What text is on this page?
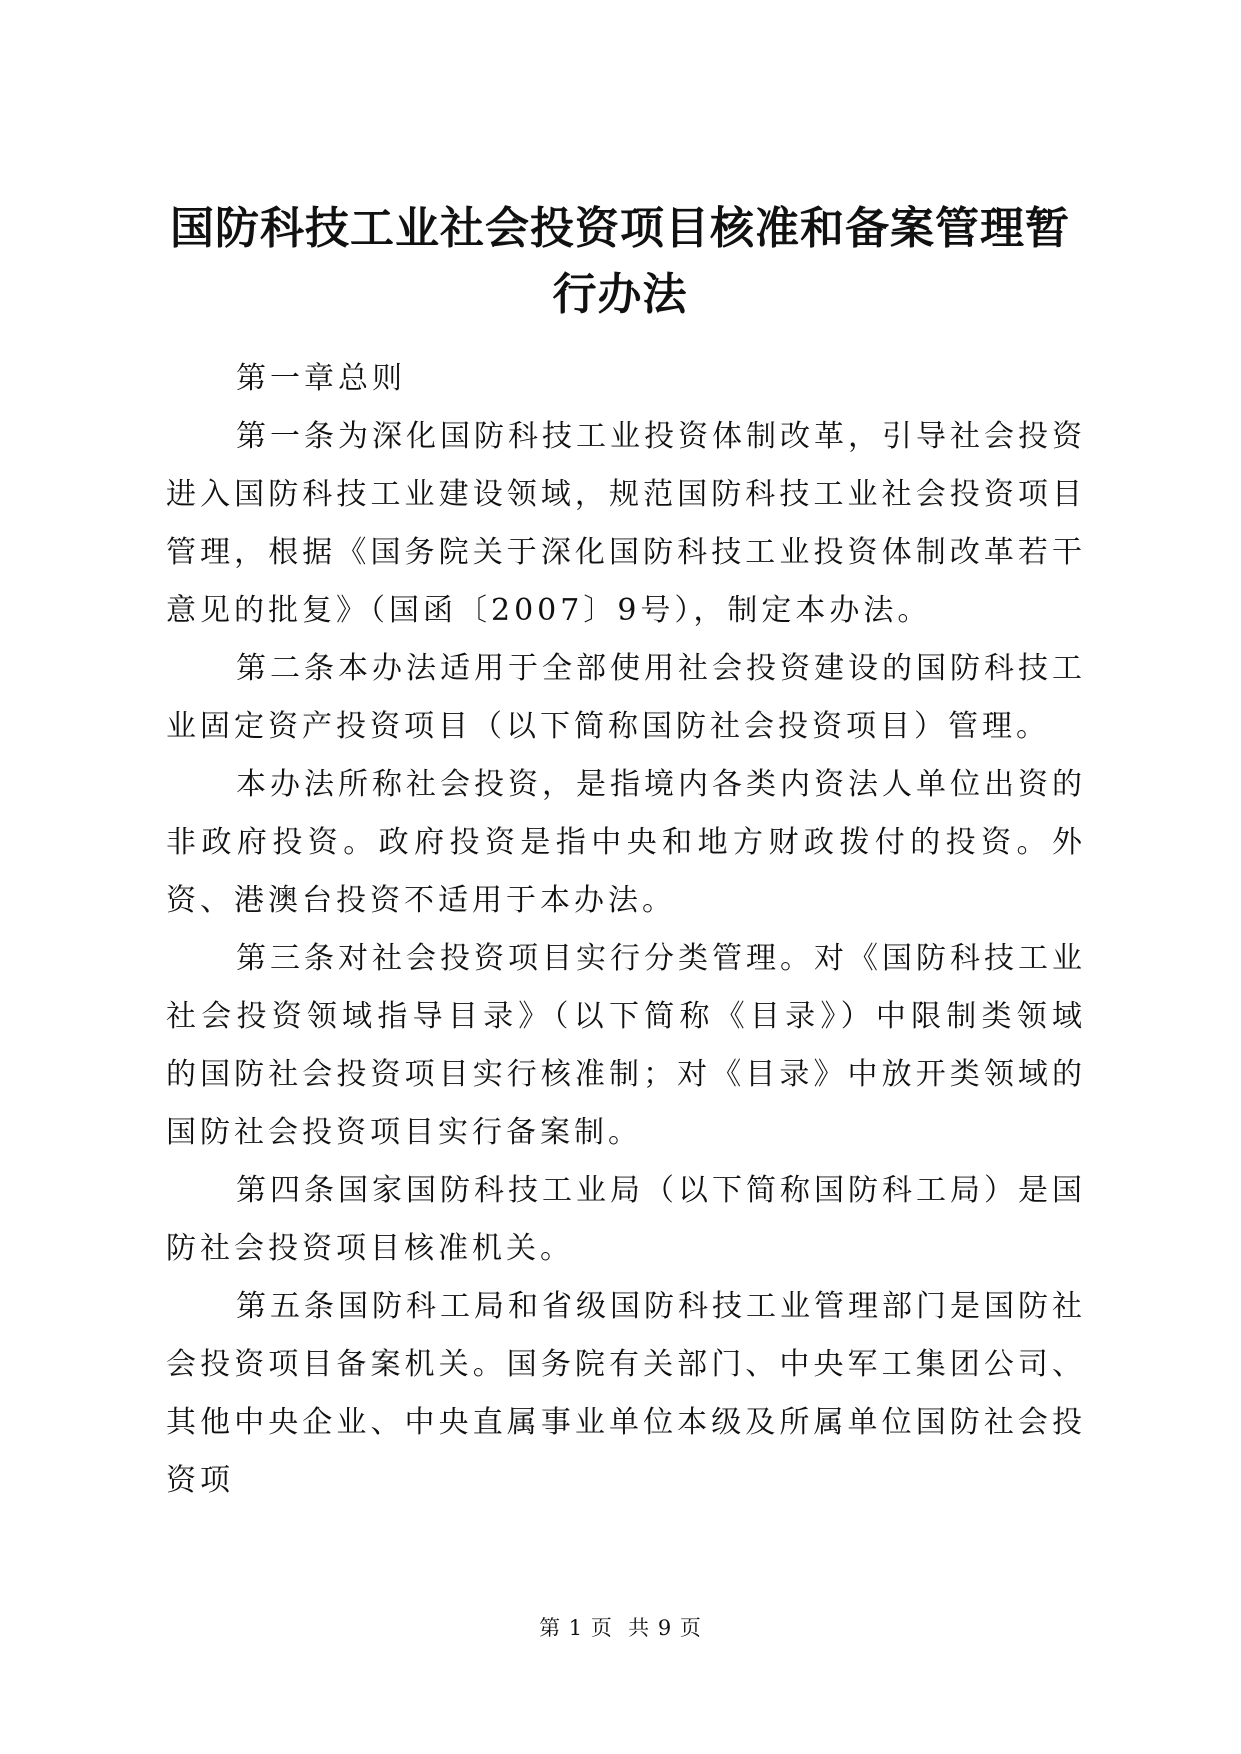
国防科技工业社会投资项目核准和备案管理暂
行办法

第一章总则

第一条为深化国防科技工业投资体制改革，引导社会投资进入国防科技工业建设领域，规范国防科技工业社会投资项目管理，根据《国务院关于深化国防科技工业投资体制改革若干意见的批复》（国函〔2007〕9号），制定本办法。

第二条本办法适用于全部使用社会投资建设的国防科技工业固定资产投资项目（以下简称国防社会投资项目）管理。

本办法所称社会投资，是指境内各类内资法人单位出资的非政府投资。政府投资是指中央和地方财政拨付的投资。外资、港澳台投资不适用于本办法。

第三条对社会投资项目实行分类管理。对《国防科技工业社会投资领域指导目录》（以下简称《目录》）中限制类领域的国防社会投资项目实行核准制；对《目录》中放开类领域的国防社会投资项目实行备案制。

第四条国家国防科技工业局（以下简称国防科工局）是国防社会投资项目核准机关。

第五条国防科工局和省级国防科技工业管理部门是国防社会投资项目备案机关。国务院有关部门、中央军工集团公司、其他中央企业、中央直属事业单位本级及所属单位国防社会投资项

第 1 页  共 9 页
